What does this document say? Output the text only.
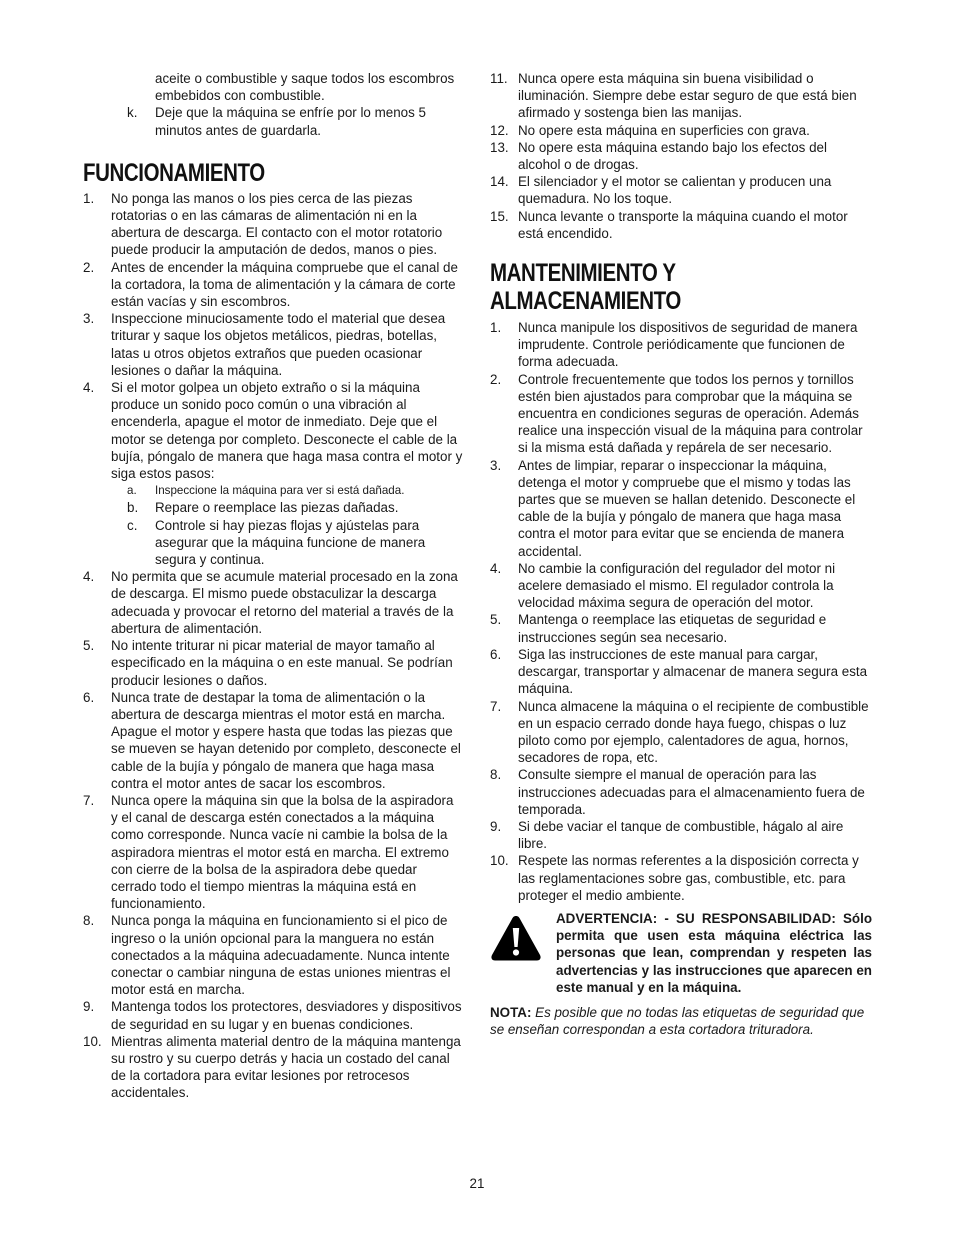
aceite o combustible y saque todos los escombros embebidos con combustible.

k.	Deje que la máquina se enfríe por lo menos 5 minutos antes de guardarla.
FUNCIONAMIENTO
1.	No ponga las manos o los pies cerca de las piezas rotatorias o en las cámaras de alimentación ni en la abertura de descarga. El contacto con el motor rotatorio puede producir la amputación de dedos, manos o pies.
2.	Antes de encender la máquina compruebe que el canal de la cortadora, la toma de alimentación y la cámara de corte están vacías y sin escombros.
3.	Inspeccione minuciosamente todo el material que desea triturar y saque los objetos metálicos, piedras, botellas, latas u otros objetos extraños que pueden ocasionar lesiones o dañar la máquina.
4.	Si el motor golpea un objeto extraño o si la máquina produce un sonido poco común o una vibración al encenderla, apague el motor de inmediato. Deje que el motor se detenga por completo. Desconecte el cable de la bujía, póngalo de manera que haga masa contra el motor y siga estos pasos:
a.	Inspeccione la máquina para ver si está dañada.
b.	Repare o reemplace las piezas dañadas.
c.	Controle si hay piezas flojas y ajústelas para asegurar que la máquina funcione de manera segura y continua.
4.	No permita que se acumule material procesado en la zona de descarga. El mismo puede obstaculizar la descarga adecuada y provocar el retorno del material a través de la abertura de alimentación.
5.	No intente triturar ni picar material de mayor tamaño al especificado en la máquina o en este manual. Se podrían producir lesiones o daños.
6.	Nunca trate de destapar la toma de alimentación o la abertura de descarga mientras el motor está en marcha. Apague el motor y espere hasta que todas las piezas que se mueven se hayan detenido por completo, desconecte el cable de la bujía y póngalo de manera que haga masa contra el motor antes de sacar los escombros.
7.	Nunca opere la máquina sin que la bolsa de la aspiradora y el canal de descarga estén conectados a la máquina como corresponde. Nunca vacíe ni cambie la bolsa de la aspiradora mientras el motor está en marcha. El extremo con cierre de la bolsa de la aspiradora debe quedar cerrado todo el tiempo mientras la máquina está en funcionamiento.
8.	Nunca ponga la máquina en funcionamiento si el pico de ingreso o la unión opcional para la manguera no están conectados a la máquina adecuadamente. Nunca intente conectar o cambiar ninguna de estas uniones mientras el motor está en marcha.
9.	Mantenga todos los protectores, desviadores y dispositivos de seguridad en su lugar y en buenas condiciones.
10. Mientras alimenta material dentro de la máquina mantenga su rostro y su cuerpo detrás y hacia un costado del canal de la cortadora para evitar lesiones por retrocesos accidentales.
11. Nunca opere esta máquina sin buena visibilidad o iluminación. Siempre debe estar seguro de que está bien afirmado y sostenga bien las manijas.
12. No opere esta máquina en superficies con grava.
13. No opere esta máquina estando bajo los efectos del alcohol o de drogas.
14. El silenciador y el motor se calientan y producen una quemadura. No los toque.
15. Nunca levante o transporte la máquina cuando el motor está encendido.
MANTENIMIENTO Y ALMACENAMIENTO
1.	Nunca manipule los dispositivos de seguridad de manera imprudente. Controle periódicamente que funcionen de forma adecuada.
2.	Controle frecuentemente que todos los pernos y tornillos estén bien ajustados para comprobar que la máquina se encuentra en condiciones seguras de operación. Además realice una inspección visual de la máquina para controlar si la misma está dañada y repárela de ser necesario.
3.	Antes de limpiar, reparar o inspeccionar la máquina, detenga el motor y compruebe que el mismo y todas las partes que se mueven se hallan detenido. Desconecte el cable de la bujía y póngalo de manera que haga masa contra el motor para evitar que se encienda de manera accidental.
4.	No cambie la configuración del regulador del motor ni acelere demasiado el mismo. El regulador controla la velocidad máxima segura de operación del motor.
5.	Mantenga o reemplace las etiquetas de seguridad e instrucciones según sea necesario.
6.	Siga las instrucciones de este manual para cargar, descargar, transportar y almacenar de manera segura esta máquina.
7.	Nunca almacene la máquina o el recipiente de combustible en un espacio cerrado donde haya fuego, chispas o luz piloto como por ejemplo, calentadores de agua, hornos, secadores de ropa, etc.
8.	Consulte siempre el manual de operación para las instrucciones adecuadas para el almacenamiento fuera de temporada.
9.	Si debe vaciar el tanque de combustible, hágalo al aire libre.
10. Respete las normas referentes a la disposición correcta y las reglamentaciones sobre gas, combustible, etc. para proteger el medio ambiente.
ADVERTENCIA: - SU RESPONSABILIDAD: Sólo permita que usen esta máquina eléctrica las personas que lean, comprendan y respeten las advertencias y las instrucciones que aparecen en este manual y en la máquina.

NOTA: Es posible que no todas las etiquetas de seguridad que se enseñan correspondan a esta cortadora trituradora.

21
